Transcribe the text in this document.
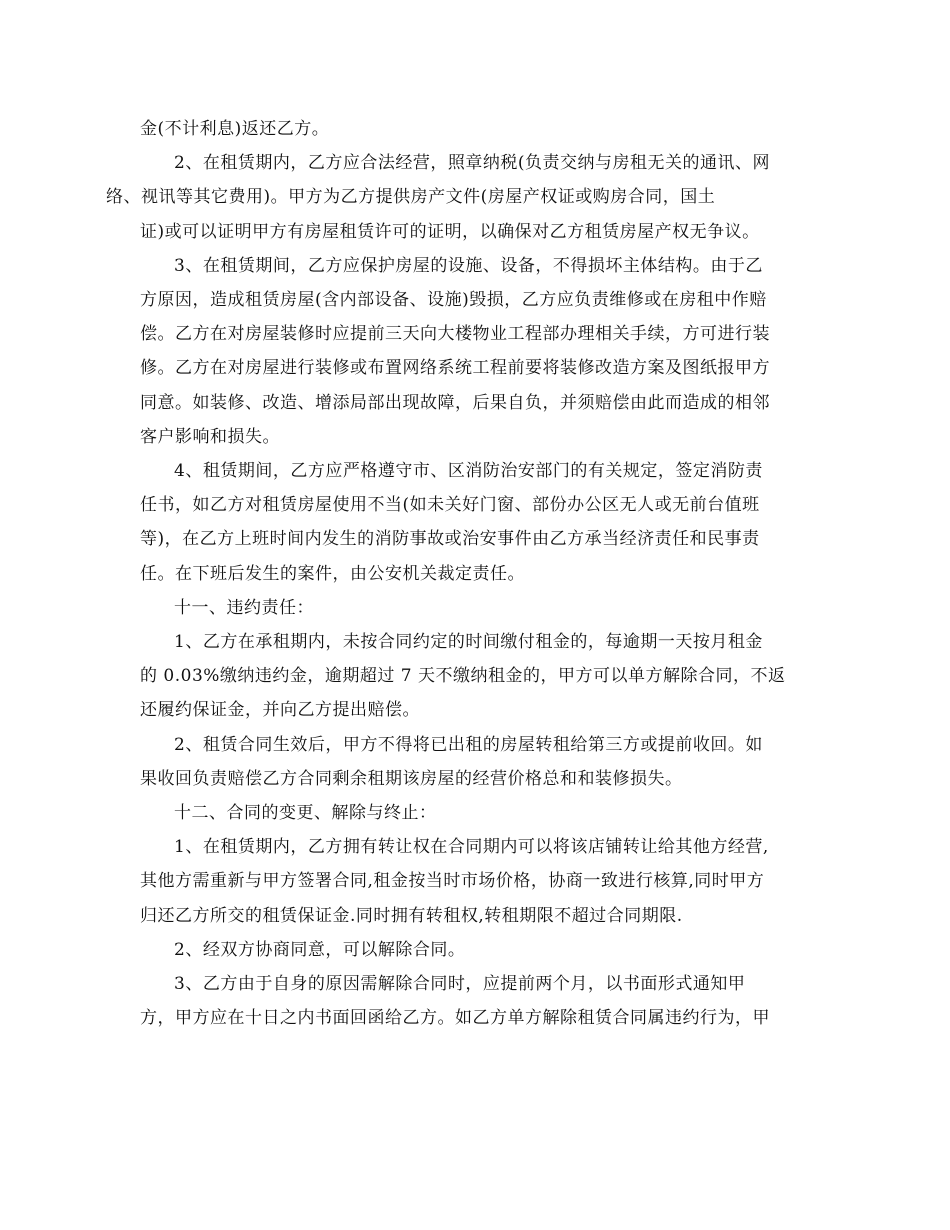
金(不计利息)返还乙方。

2、在租赁期内，乙方应合法经营，照章纳税(负责交纳与房租无关的通讯、网
络、视讯等其它费用)。甲方为乙方提供房产文件(房屋产权证或购房合同，国土
证)或可以证明甲方有房屋租赁许可的证明，以确保对乙方租赁房屋产权无争议。

3、在租赁期间，乙方应保护房屋的设施、设备，不得损坏主体结构。由于乙
方原因，造成租赁房屋(含内部设备、设施)毁损，乙方应负责维修或在房租中作赔
偿。乙方在对房屋装修时应提前三天向大楼物业工程部办理相关手续，方可进行装
修。乙方在对房屋进行装修或布置网络系统工程前要将装修改造方案及图纸报甲方
同意。如装修、改造、增添局部出现故障，后果自负，并须赔偿由此而造成的相邻
客户影响和损失。

4、租赁期间，乙方应严格遵守市、区消防治安部门的有关规定，签定消防责
任书，如乙方对租赁房屋使用不当(如未关好门窗、部份办公区无人或无前台值班
等)，在乙方上班时间内发生的消防事故或治安事件由乙方承当经济责任和民事责
任。在下班后发生的案件，由公安机关裁定责任。

十一、违约责任：

1、乙方在承租期内，未按合同约定的时间缴付租金的，每逾期一天按月租金
的 0.03%缴纳违约金，逾期超过 7 天不缴纳租金的，甲方可以单方解除合同，不返
还履约保证金，并向乙方提出赔偿。

2、租赁合同生效后，甲方不得将已出租的房屋转租给第三方或提前收回。如
果收回负责赔偿乙方合同剩余租期该房屋的经营价格总和和装修损失。

十二、合同的变更、解除与终止：

1、在租赁期内，乙方拥有转让权在合同期内可以将该店铺转让给其他方经营,
其他方需重新与甲方签署合同,租金按当时市场价格，协商一致进行核算,同时甲方
归还乙方所交的租赁保证金.同时拥有转租权,转租期限不超过合同期限.

2、经双方协商同意，可以解除合同。

3、乙方由于自身的原因需解除合同时，应提前两个月，以书面形式通知甲
方，甲方应在十日之内书面回函给乙方。如乙方单方解除租赁合同属违约行为，甲
